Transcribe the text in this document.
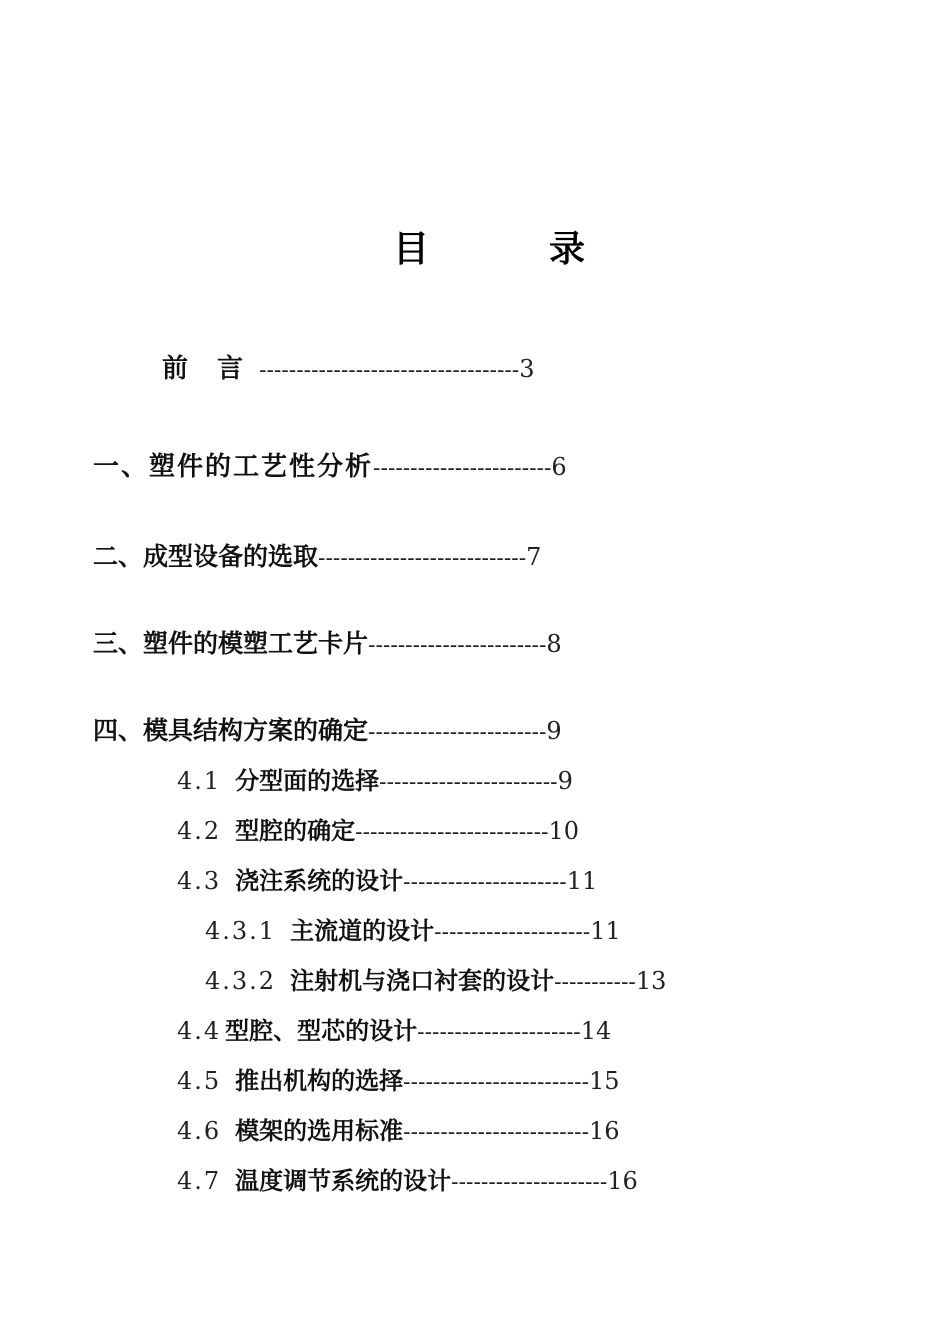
目　录
前 言 -----------------------------------3
一、塑件的工艺性分析------------------------6
二、成型设备的选取----------------------------7
三、塑件的模塑工艺卡片------------------------8
四、模具结构方案的确定------------------------9
4.1 分型面的选择------------------------9
4.2 型腔的确定--------------------------10
4.3 浇注系统的设计----------------------11
4.3.1 主流道的设计---------------------11
4.3.2 注射机与浇口衬套的设计-----------13
4.4 型腔、型芯的设计----------------------14
4.5 推出机构的选择-------------------------15
4.6 模架的选用标准-------------------------16
4.7 温度调节系统的设计---------------------16
